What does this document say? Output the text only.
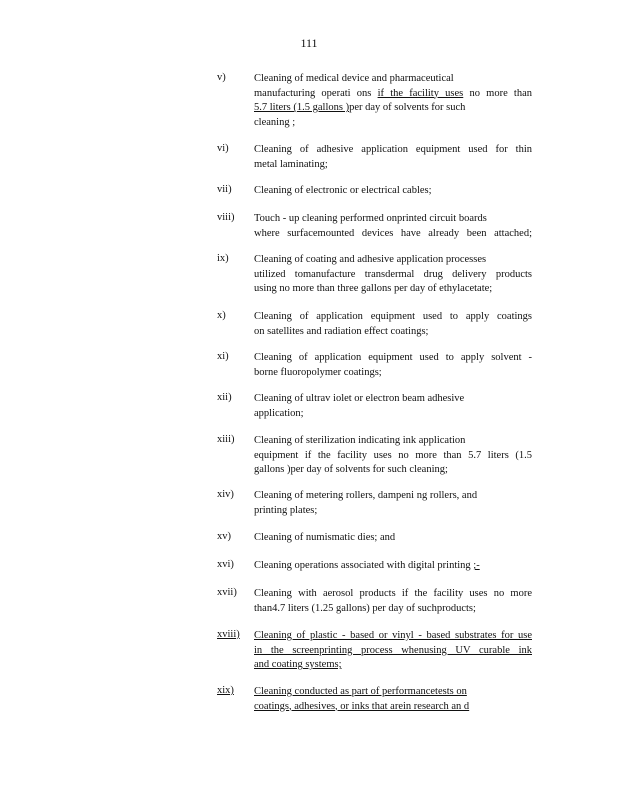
111
v)	Cleaning of medical device and pharmaceutical
manufacturing operati ons if the facility uses no more than
5.7 liters (1.5 gallons )per day of solvents for such
cleaning ;
vi) Cleaning of adhesive application equipment used for thin
metal laminating;
vii) Cleaning of electronic or electrical cables;
viii) Touch - up cleaning performed onprinted circuit boards
where surfacemounted devices have already been attached;
ix) Cleaning of coating and adhesive application processes
utilized tomanufacture transdermal drug delivery products
using no more than three gallons per day of ethylacetate;
x)	Cleaning of application equipment used to apply coatings
on satellites and radiation effect coatings;
xi) Cleaning of application equipment used to apply solvent -
borne fluoropolymer coatings;
xii) Cleaning of ultrav iolet or electron beam adhesive
application;
xiii) Cleaning of sterilization indicating ink application
equipment if the facility uses no more than 5.7 liters (1.5
gallons )per day of solvents for such cleaning;
xiv) Cleaning of metering rollers, dampeni ng rollers, and
printing plates;
xv) Cleaning of numismatic dies; and
xvi) Cleaning operations associated with digital printing ;-
xvii) Cleaning with aerosol products if the facility uses no more
than4.7 liters (1.25 gallons) per day of suchproducts;
xviii) Cleaning of plastic - based or vinyl - based substrates for use
in the screenprinting process whenusing UV curable ink
and coating systems;
xix) Cleaning conducted as part of performancetests on
coatings, adhesives, or inks that arein research an d
